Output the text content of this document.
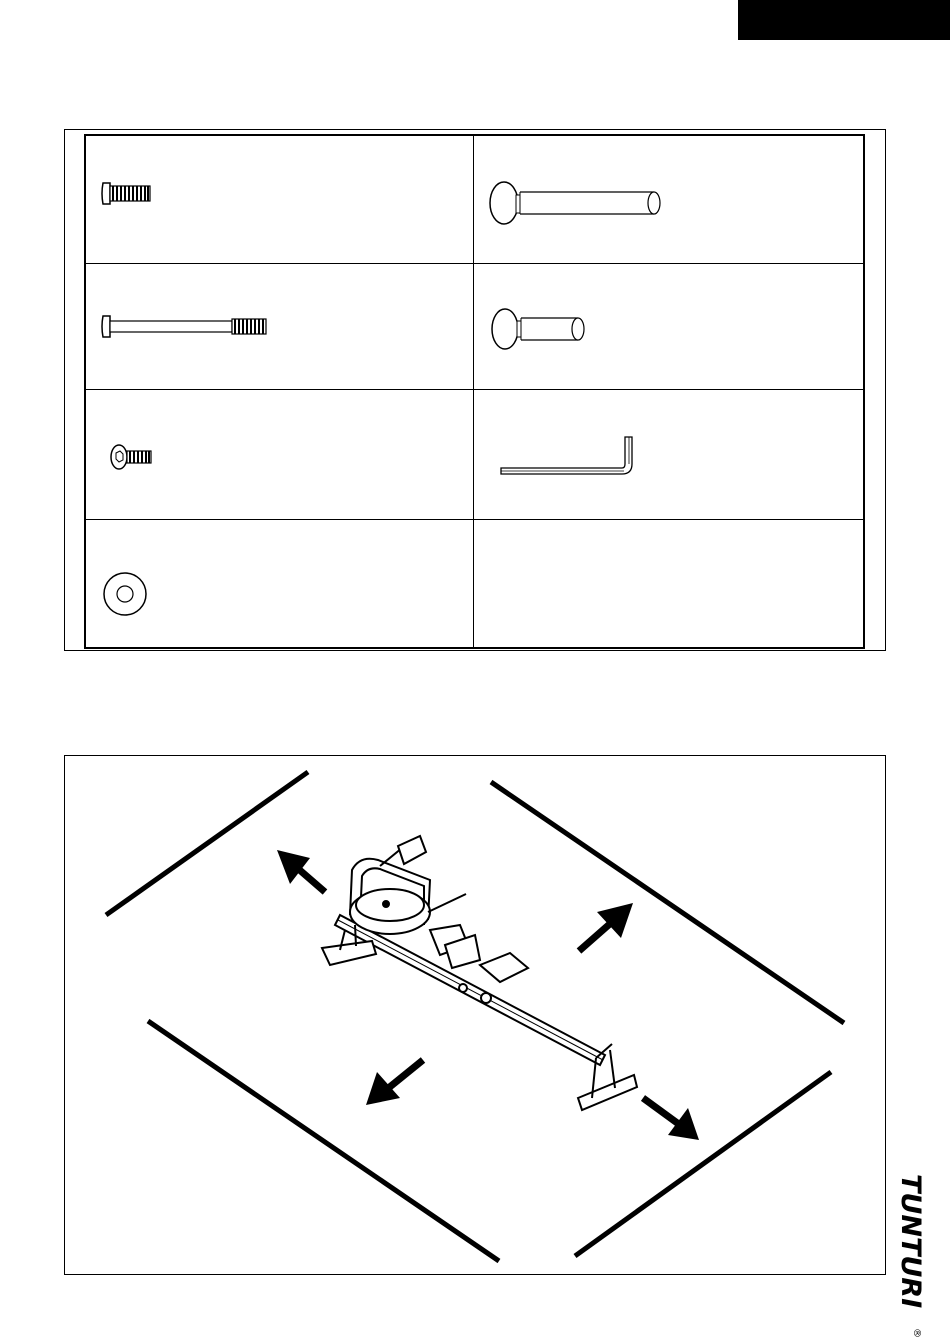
TUNTURI
®
